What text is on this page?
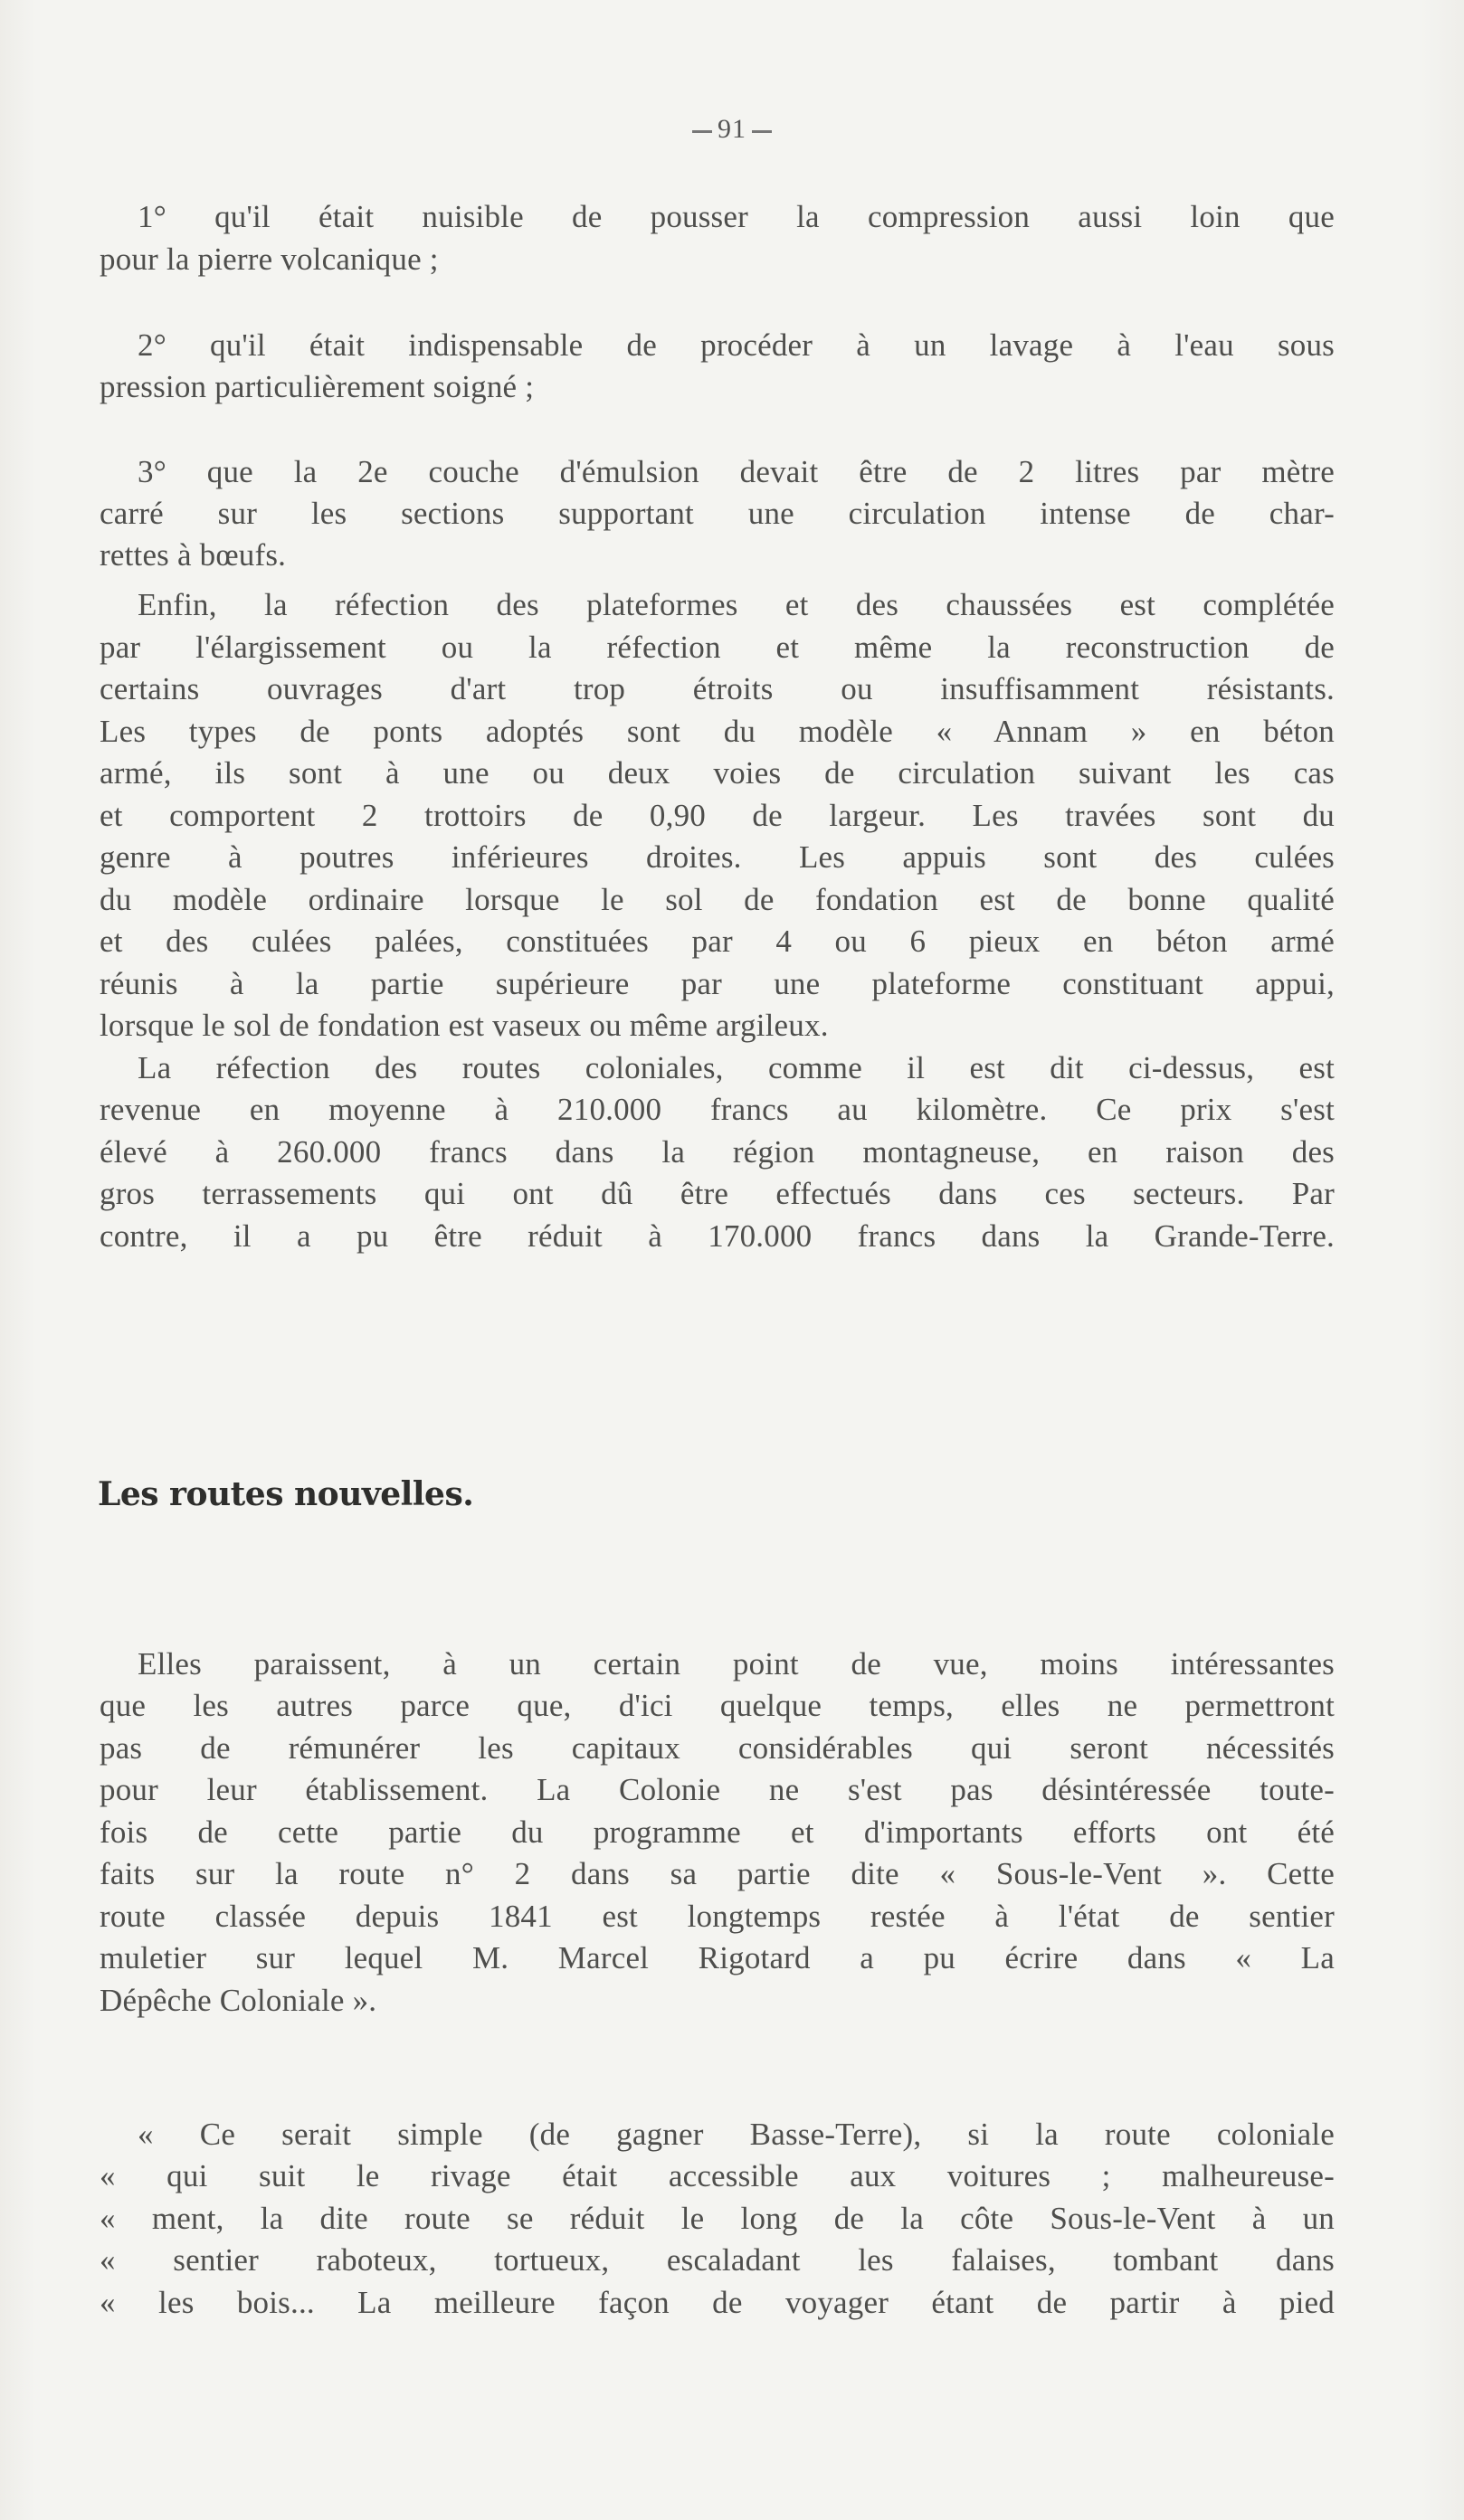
91
1° qu'il était nuisible de pousser la compression aussi loin que
pour la pierre volcanique ;
2° qu'il était indispensable de procéder à un lavage à l'eau sous
pression particulièrement soigné ;
3° que la 2e couche d'émulsion devait être de 2 litres par mètre
carré sur les sections supportant une circulation intense de char-
rettes à bœufs.
Enfin, la réfection des plateformes et des chaussées est complétée
par l'élargissement ou la réfection et même la reconstruction de
certains ouvrages d'art trop étroits ou insuffisamment résistants.
Les types de ponts adoptés sont du modèle « Annam » en béton
armé, ils sont à une ou deux voies de circulation suivant les cas
et comportent 2 trottoirs de 0,90 de largeur. Les travées sont du
genre à poutres inférieures droites. Les appuis sont des culées
du modèle ordinaire lorsque le sol de fondation est de bonne qualité
et des culées palées, constituées par 4 ou 6 pieux en béton armé
réunis à la partie supérieure par une plateforme constituant appui,
lorsque le sol de fondation est vaseux ou même argileux.
La réfection des routes coloniales, comme il est dit ci-dessus, est
revenue en moyenne à 210.000 francs au kilomètre. Ce prix s'est
élevé à 260.000 francs dans la région montagneuse, en raison des
gros terrassements qui ont dû être effectués dans ces secteurs. Par
contre, il a pu être réduit à 170.000 francs dans la Grande-Terre.
Les routes nouvelles.
Elles paraissent, à un certain point de vue, moins intéressantes
que les autres parce que, d'ici quelque temps, elles ne permettront
pas de rémunérer les capitaux considérables qui seront nécessités
pour leur établissement. La Colonie ne s'est pas désintéressée toute-
fois de cette partie du programme et d'importants efforts ont été
faits sur la route n° 2 dans sa partie dite « Sous-le-Vent ». Cette
route classée depuis 1841 est longtemps restée à l'état de sentier
muletier sur lequel M. Marcel Rigotard a pu écrire dans « La
Dépêche Coloniale ».
« Ce serait simple (de gagner Basse-Terre), si la route coloniale
« qui suit le rivage était accessible aux voitures ; malheureuse-
« ment, la dite route se réduit le long de la côte Sous-le-Vent à un
« sentier raboteux, tortueux, escaladant les falaises, tombant dans
« les bois... La meilleure façon de voyager étant de partir à pied
